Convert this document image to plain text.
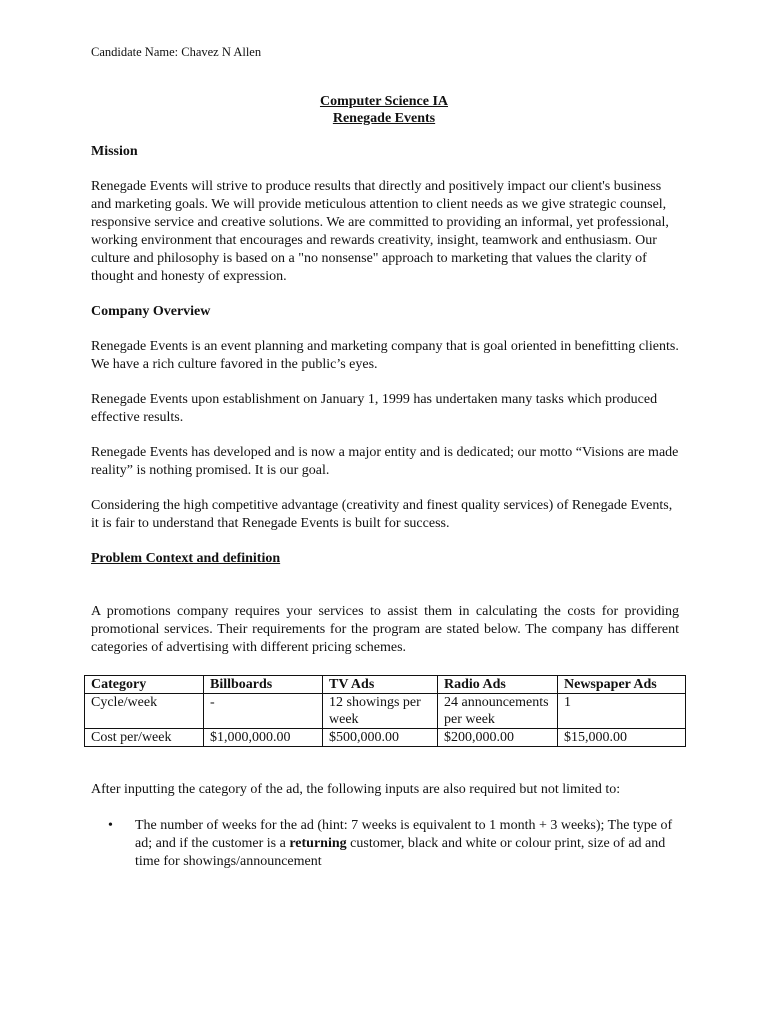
Candidate Name: Chavez N Allen
Computer Science IA
Renegade Events
Mission

Renegade Events will strive to produce results that directly and positively impact our client's business and marketing goals. We will provide meticulous attention to client needs as we give strategic counsel, responsive service and creative solutions. We are committed to providing an informal, yet professional, working environment that encourages and rewards creativity, insight, teamwork and enthusiasm. Our culture and philosophy is based on a "no nonsense" approach to marketing that values the clarity of thought and honesty of expression.

Company Overview

Renegade Events is an event planning and marketing company that is goal oriented in benefitting clients. We have a rich culture favored in the public’s eyes.

Renegade Events upon establishment on January 1, 1999 has undertaken many tasks which produced effective results.

Renegade Events has developed and is now a major entity and is dedicated; our motto “Visions are made reality” is nothing promised. It is our goal.

Considering the high competitive advantage (creativity and finest quality services) of Renegade Events, it is fair to understand that Renegade Events is built for success.

Problem Context and definition

A promotions company requires your services to assist them in calculating the costs for providing promotional services. Their requirements for the program are stated below. The company has different categories of advertising with different pricing schemes.

Category	Billboards	TV Ads	Radio Ads	Newspaper Ads
Cycle/week	-	12 showings per week	24 announcements per week	1
Cost per/week	$1,000,000.00	$500,000.00	$200,000.00	$15,000.00

After inputting the category of the ad, the following inputs are also required but not limited to:

• The number of weeks for the ad (hint: 7 weeks is equivalent to 1 month + 3 weeks); The type of ad; and if the customer is a returning customer, black and white or colour print, size of ad and time for showings/announcement
